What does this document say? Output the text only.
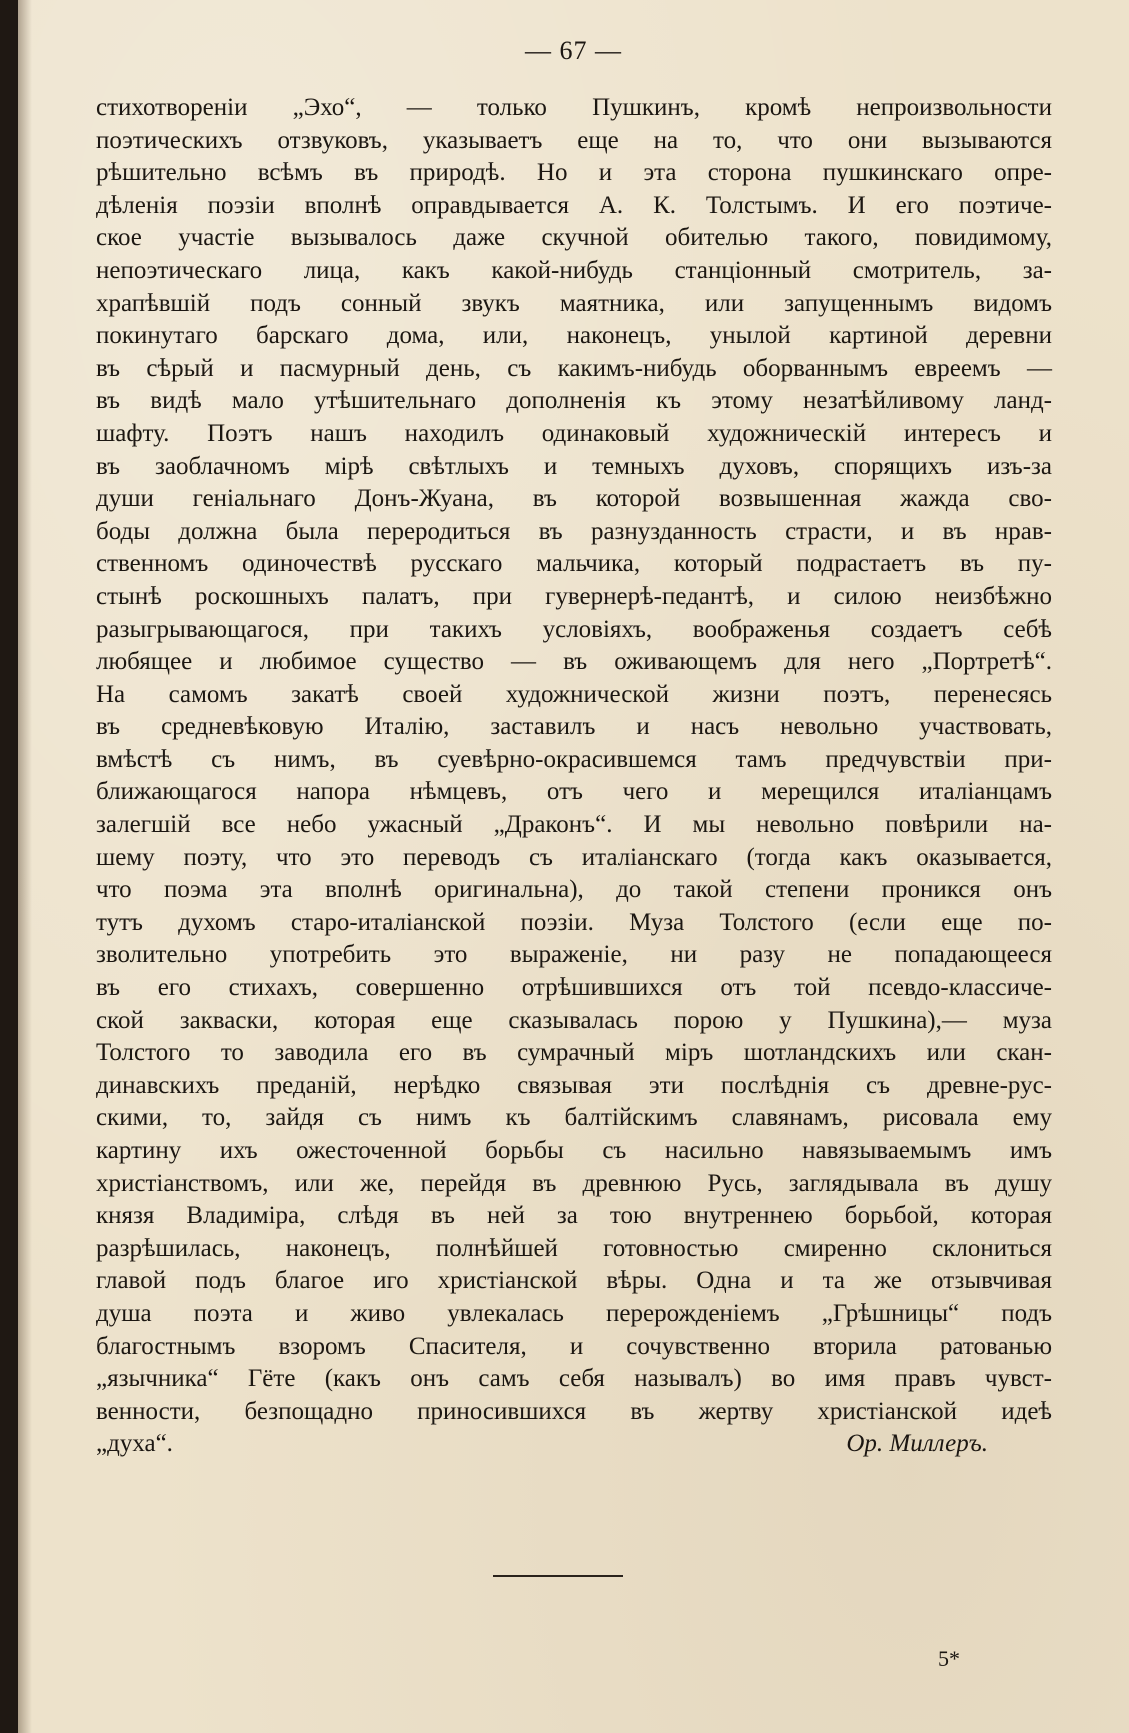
— 67 —
стихотвореніи „Эхо“, — только Пушкинъ, кромѣ непроизвольности
поэтическихъ отзвуковъ, указываетъ еще на то, что они вызываются
рѣшительно всѣмъ въ природѣ. Но и эта сторона пушкинскаго опре-
дѣленія поэзіи вполнѣ оправдывается А. К. Толстымъ. И его поэтиче-
ское участіе вызывалось даже скучной обителью такого, повидимому,
непоэтическаго лица, какъ какой-нибудь станціонный смотритель, за-
храпѣвшій подъ сонный звукъ маятника, или запущеннымъ видомъ
покинутаго барскаго дома, или, наконецъ, унылой картиной деревни
въ сѣрый и пасмурный день, съ какимъ-нибудь оборваннымъ евреемъ —
въ видѣ мало утѣшительнаго дополненія къ этому незатѣйливому ланд-
шафту. Поэтъ нашъ находилъ одинаковый художническій интересъ и
въ заоблачномъ мірѣ свѣтлыхъ и темныхъ духовъ, спорящихъ изъ-за
души геніальнаго Донъ-Жуана, въ которой возвышенная жажда сво-
боды должна была переродиться въ разнузданность страсти, и въ нрав-
ственномъ одиночествѣ русскаго мальчика, который подрастаетъ въ пу-
стынѣ роскошныхъ палатъ, при гувернерѣ-педантѣ, и силою неизбѣжно
разыгрывающагося, при такихъ условіяхъ, воображенья создаетъ себѣ
любящее и любимое существо — въ оживающемъ для него „Портретѣ“.
На самомъ закатѣ своей художнической жизни поэтъ, перенесясь
въ средневѣковую Италію, заставилъ и насъ невольно участвовать,
вмѣстѣ съ нимъ, въ суевѣрно-окрасившемся тамъ предчувствіи при-
ближающагося напора нѣмцевъ, отъ чего и мерещился италіанцамъ
залегшій все небо ужасный „Драконъ“. И мы невольно повѣрили на-
шему поэту, что это переводъ съ италіанскаго (тогда какъ оказывается,
что поэма эта вполнѣ оригинальна), до такой степени проникся онъ
тутъ духомъ старо-италіанской поэзіи. Муза Толстого (если еще по-
зволительно употребить это выраженіе, ни разу не попадающееся
въ его стихахъ, совершенно отрѣшившихся отъ той псевдо-классиче-
ской закваски, которая еще сказывалась порою у Пушкина),— муза
Толстого то заводила его въ сумрачный міръ шотландскихъ или скан-
динавскихъ преданій, нерѣдко связывая эти послѣднія съ древне-рус-
скими, то, зайдя съ нимъ къ балтійскимъ славянамъ, рисовала ему
картину ихъ ожесточенной борьбы съ насильно навязываемымъ имъ
христіанствомъ, или же, перейдя въ древнюю Русь, заглядывала въ душу
князя Владиміра, слѣдя въ ней за тою внутреннею борьбой, которая
разрѣшилась, наконецъ, полнѣйшей готовностью смиренно склониться
главой подъ благое иго христіанской вѣры. Одна и та же отзывчивая
душа поэта и живо увлекалась перерожденіемъ „Грѣшницы“ подъ
благостнымъ взоромъ Спасителя, и сочувственно вторила ратованью
„язычника“ Гёте (какъ онъ самъ себя называлъ) во имя правъ чувст-
венности, безпощадно приносившихся въ жертву христіанской идеѣ
„духа“.	Ор. Миллеръ.
5*
